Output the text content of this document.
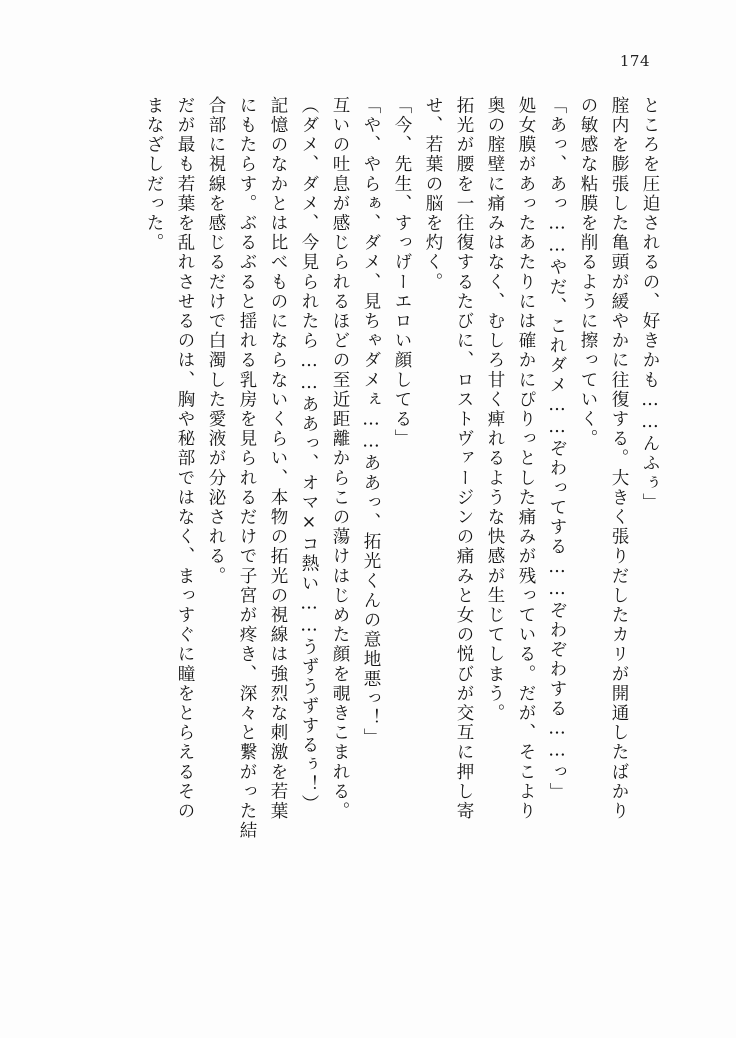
174
ところを圧迫されるの、好きかも……んふぅ」
腟内を膨張した亀頭が緩やかに往復する。大きく張りだしたカリが開通したばかり
の敏感な粘膜を削るように擦っていく。
「あっ、あっ……やだ、これダメ……ぞわってする……ぞわぞわする……っ」
処女膜があったあたりには確かにぴりっとした痛みが残っている。だが、そこより
奥の腟壁に痛みはなく、むしろ甘く痺れるような快感が生じてしまう。
拓光が腰を一往復するたびに、ロストヴァージンの痛みと女の悦びが交互に押し寄
せ、若葉の脳を灼く。
「今、先生、すっげーエロい顔してる」
「や、やらぁ、ダメ、見ちゃダメぇ……ああっ、拓光くんの意地悪っ！」
互いの吐息が感じられるほどの至近距離からこの蕩けはじめた顔を覗きこまれる。
（ダメ、ダメ、今見られたら……ああっ、オマ×コ熱い……うずうずするぅ！）
記憶のなかとは比べものにならないくらい、本物の拓光の視線は強烈な刺激を若葉
にもたらす。ぶるぶると揺れる乳房を見られるだけで子宮が疼き、深々と繋がった結
合部に視線を感じるだけで白濁した愛液が分泌される。
だが最も若葉を乱れさせるのは、胸や秘部ではなく、まっすぐに瞳をとらえるその
まなざしだった。
